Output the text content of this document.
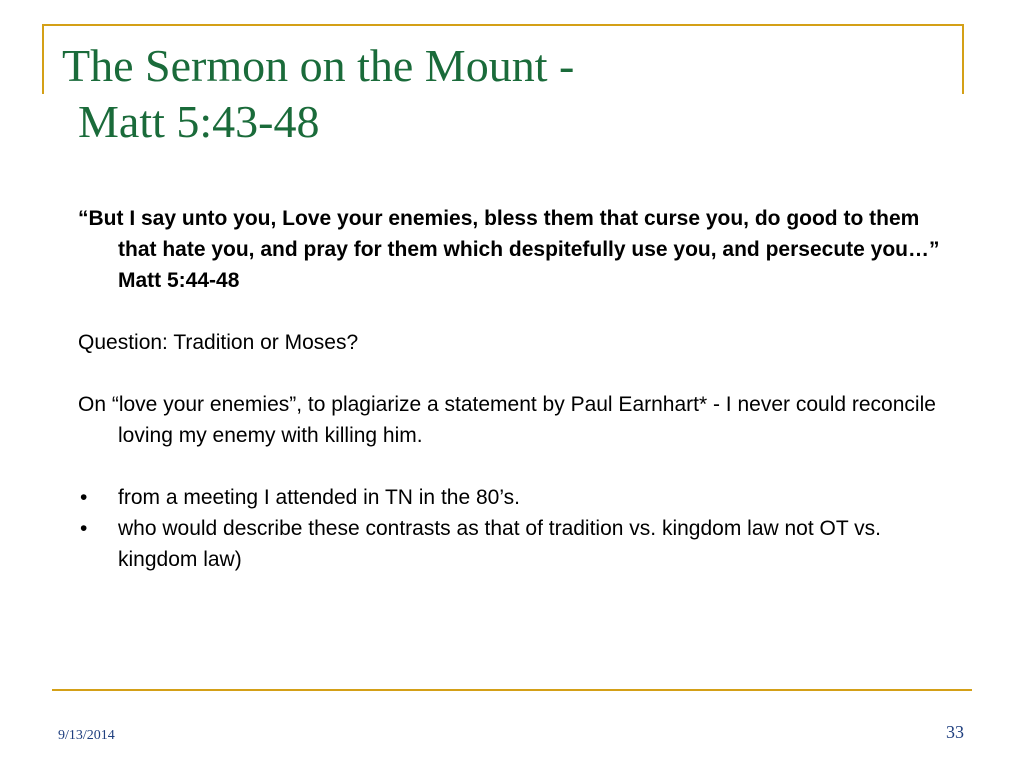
The Sermon on the Mount -
Matt 5:43-48

“But I say unto you, Love your enemies, bless them that curse you, do good to them that hate you, and pray for them which despitefully use you, and persecute you…” Matt 5:44-48

Question: Tradition or Moses?

On “love your enemies”, to plagiarize a statement by Paul Earnhart* - I never could reconcile loving my enemy with killing him.

• from a meeting I attended in TN in the 80’s.
• who would describe these contrasts as that of tradition vs. kingdom law not OT vs. kingdom law)
9/13/2014	33
